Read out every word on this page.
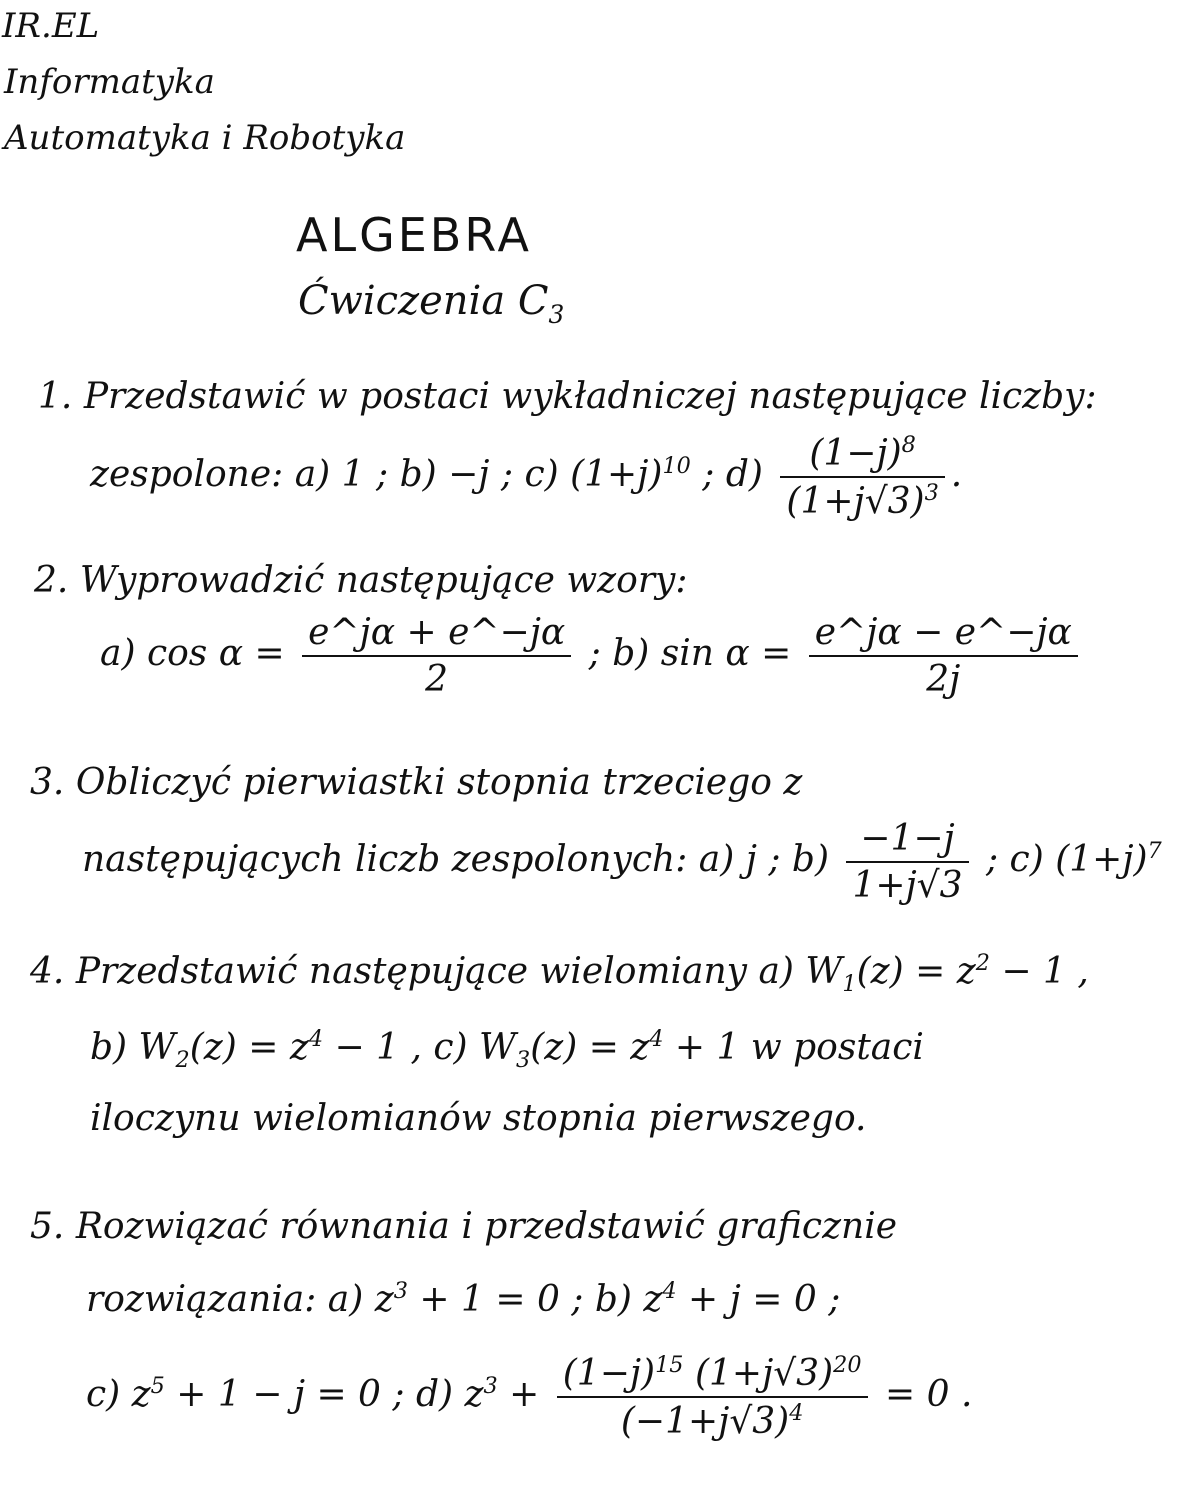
IR.EL
Informatyka
Automatyka i Robotyka
ALGEBRA
Ćwiczenia $C_3$
1. Przedstawić w postaci wykładniczej następujące liczby:
zespolone: a) 1 ; b) −j ; c) $(1+j)^{10}$ ; $d) \frac{(1-j)^8}{(1+j√3)^3}$ .
2. Wyprowadzić następujące wzory:
a) $\cos \alpha = \frac{e\^{}j\alpha + e\^{}-j\alpha}{2}$ ; b) $\sin \alpha = \frac{e\^{}j\alpha - e\^{}-j\alpha}{2j}$
3. Obliczyć pierwiastki stopnia trzeciego z
następujących liczb zespolonych: a) j ; $b) \frac{-1-j}{1+j√3}$ ; c) $(1+j)^7$
4. Przedstawić następujące wielomiany a) $W_1(z) = z^2 - 1$ ,
b) $W_2(z) = z^4 - 1$ , c) $W_3(z) = z^4 + 1$ w postaci
iloczynu wielomianów stopnia pierwszego.
5. Rozwiązać równania i przedstawić graficznie
rozwiązania: a) $z^3 + 1 = 0$ ; b) $z^4 + j = 0$ ;
c) $z^5 + 1 - j = 0$ ; d) $z^3 + \frac{(1-j)^{15} (1+j√3)^{20}}{(-1+j√3)^4} = 0$ .
